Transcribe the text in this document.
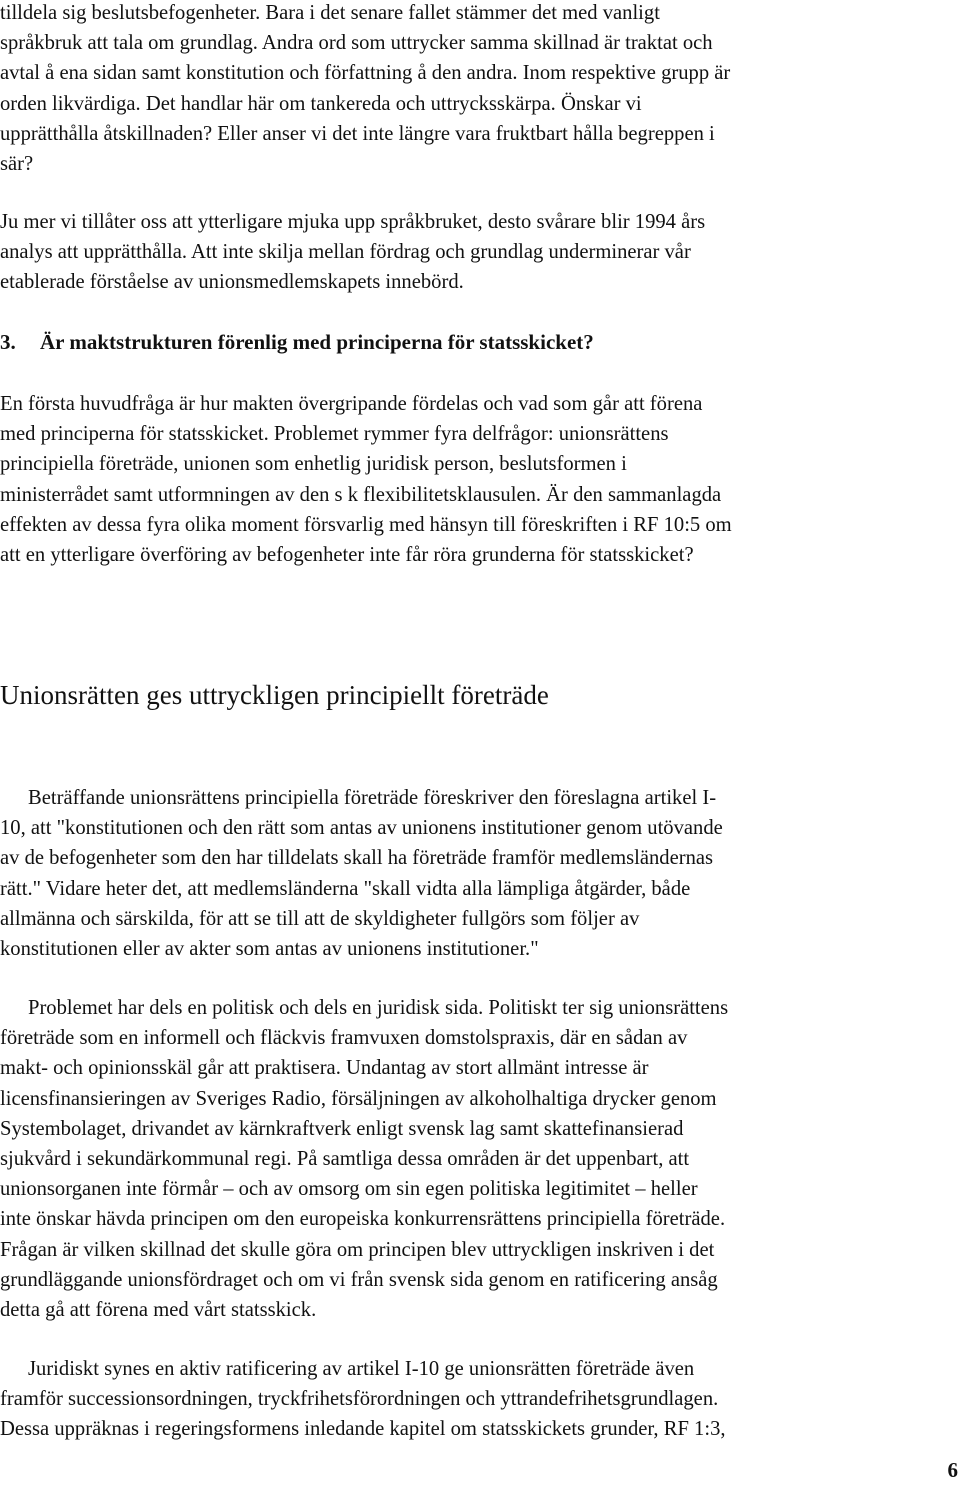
tilldela sig beslutsbefogenheter. Bara i det senare fallet stämmer det med vanligt
språkbruk att tala om grundlag. Andra ord som uttrycker samma skillnad är traktat och
avtal å ena sidan samt konstitution och författning å den andra. Inom respektive grupp är
orden likvärdiga. Det handlar här om tankereda och uttrycksskärpa. Önskar vi
upprätthålla åtskillnaden? Eller anser vi det inte längre vara fruktbart hålla begreppen i
sär?

Ju mer vi tillåter oss att ytterligare mjuka upp språkbruket, desto svårare blir 1994 års
analys att upprätthålla. Att inte skilja mellan fördrag och grundlag underminerar vår
etablerade förståelse av unionsmedlemskapets innebörd.

3. Är maktstrukturen förenlig med principerna för statsskicket?

En första huvudfråga är hur makten övergripande fördelas och vad som går att förena
med principerna för statsskicket. Problemet rymmer fyra delfrågor: unionsrättens
principiella företräde, unionen som enhetlig juridisk person, beslutsformen i
ministerrådet samt utformningen av den s k flexibilitetsklausulen. Är den sammanlagda
effekten av dessa fyra olika moment försvarlig med hänsyn till föreskriften i RF 10:5 om
att en ytterligare överföring av befogenheter inte får röra grunderna för statsskicket?

Unionsrätten ges uttryckligen principiellt företräde

Beträffande unionsrättens principiella företräde föreskriver den föreslagna artikel I-
10, att "konstitutionen och den rätt som antas av unionens institutioner genom utövande
av de befogenheter som den har tilldelats skall ha företräde framför medlemsländernas
rätt." Vidare heter det, att medlemsländerna "skall vidta alla lämpliga åtgärder, både
allmänna och särskilda, för att se till att de skyldigheter fullgörs som följer av
konstitutionen eller av akter som antas av unionens institutioner."

Problemet har dels en politisk och dels en juridisk sida. Politiskt ter sig unionsrättens
företräde som en informell och fläckvis framvuxen domstolspraxis, där en sådan av
makt- och opinionsskäl går att praktisera. Undantag av stort allmänt intresse är
licensfinansieringen av Sveriges Radio, försäljningen av alkoholhaltiga drycker genom
Systembolaget, drivandet av kärnkraftverk enligt svensk lag samt skattefinansierad
sjukvård i sekundärkommunal regi. På samtliga dessa områden är det uppenbart, att
unionsorganen inte förmår – och av omsorg om sin egen politiska legitimitet – heller
inte önskar hävda principen om den europeiska konkurrensrättens principiella företräde.
Frågan är vilken skillnad det skulle göra om principen blev uttryckligen inskriven i det
grundläggande unionsfördraget och om vi från svensk sida genom en ratificering ansåg
detta gå att förena med vårt statsskick.

Juridiskt synes en aktiv ratificering av artikel I-10 ge unionsrätten företräde även
framför successionsordningen, tryckfrihetsförordningen och yttrandefrihetsgrundlagen.
Dessa uppräknas i regeringsformens inledande kapitel om statsskickets grunder, RF 1:3,

6
